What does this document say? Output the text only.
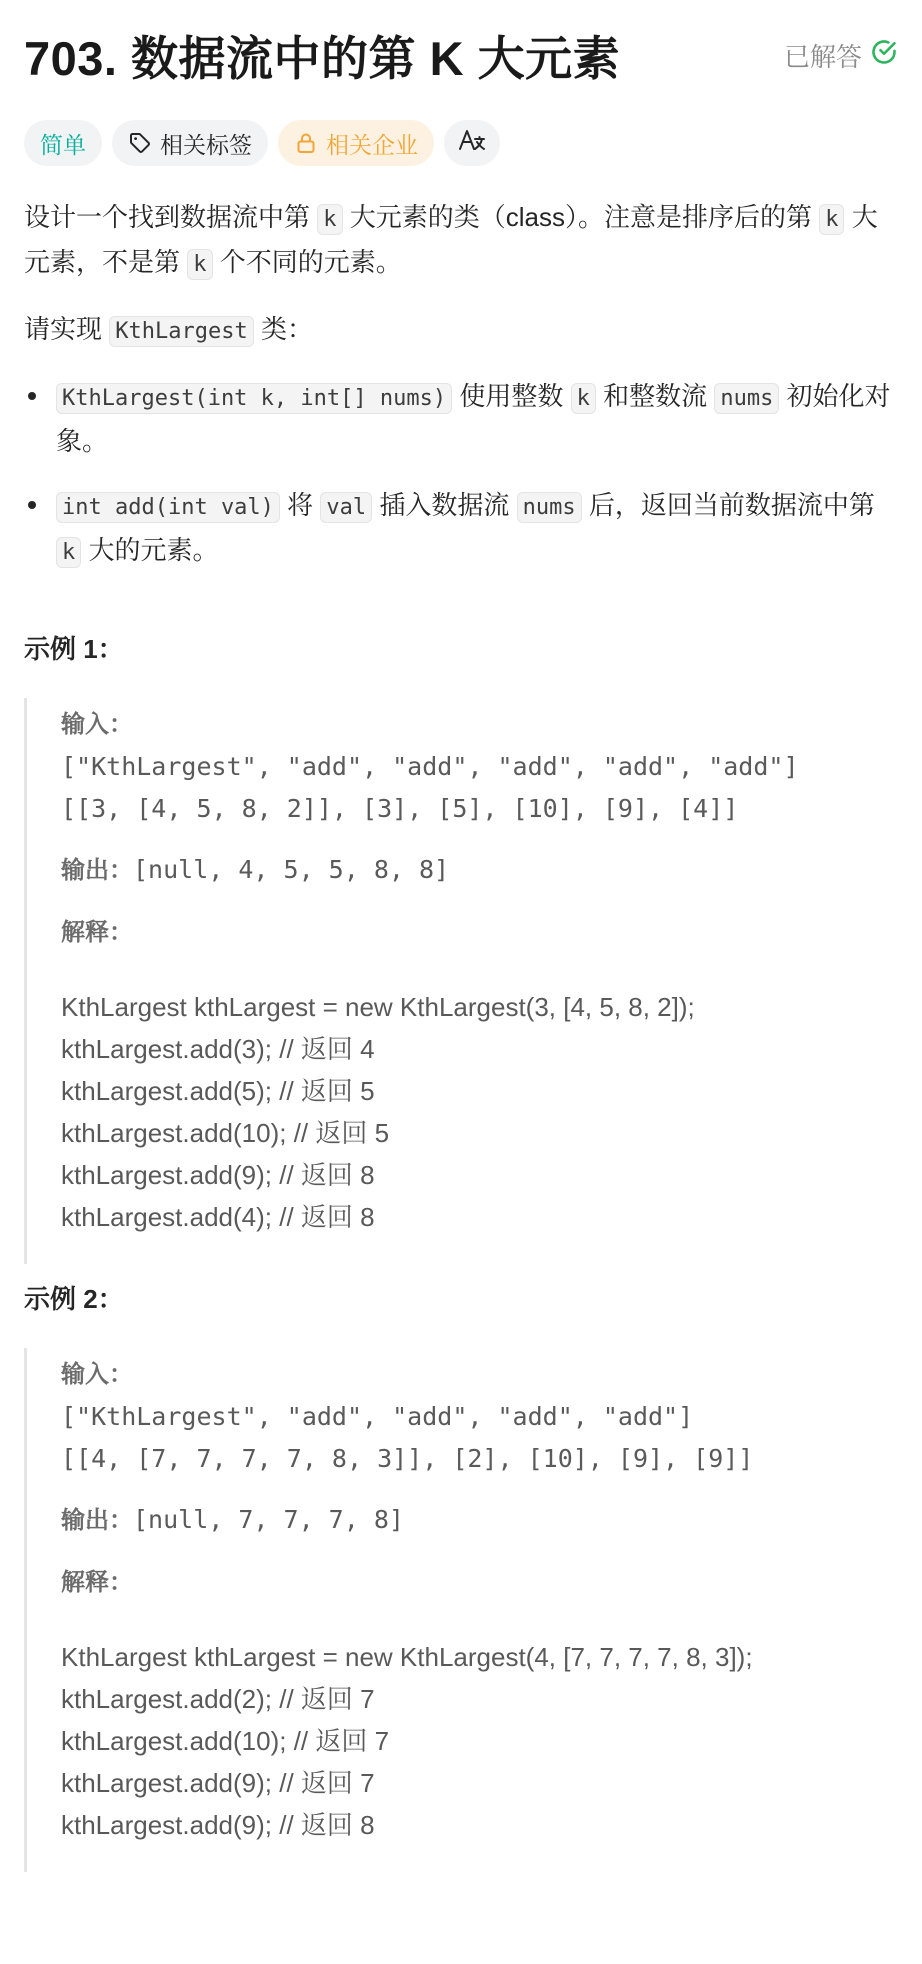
703. 数据流中的第 K 大元素	已解答
简单	相关标签	相关企业

设计一个找到数据流中第 k 大元素的类（class）。注意是排序后的第 k 大元素，不是第 k 个不同的元素。

请实现 KthLargest 类：

KthLargest(int k, int[] nums) 使用整数 k 和整数流 nums 初始化对象。
int add(int val) 将 val 插入数据流 nums 后，返回当前数据流中第 k 大的元素。
示例 1：
输入：
["KthLargest", "add", "add", "add", "add", "add"]
[[3, [4, 5, 8, 2]], [3], [5], [10], [9], [4]]
输出：[null, 4, 5, 5, 8, 8]
解释：
KthLargest kthLargest = new KthLargest(3, [4, 5, 8, 2]);
kthLargest.add(3); // 返回 4
kthLargest.add(5); // 返回 5
kthLargest.add(10); // 返回 5
kthLargest.add(9); // 返回 8
kthLargest.add(4); // 返回 8
示例 2：
输入：
["KthLargest", "add", "add", "add", "add"]
[[4, [7, 7, 7, 7, 8, 3]], [2], [10], [9], [9]]
输出：[null, 7, 7, 7, 8]
解释：
KthLargest kthLargest = new KthLargest(4, [7, 7, 7, 7, 8, 3]);
kthLargest.add(2); // 返回 7
kthLargest.add(10); // 返回 7
kthLargest.add(9); // 返回 7
kthLargest.add(9); // 返回 8
